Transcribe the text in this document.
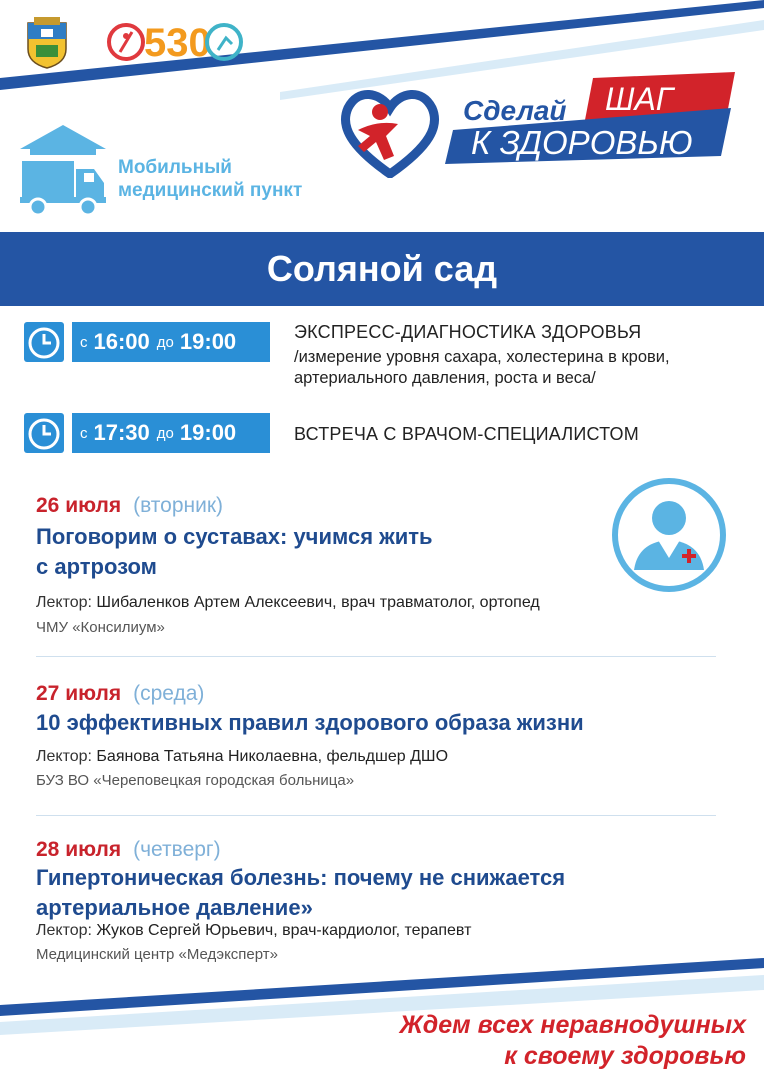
530
Мобильный
медицинский пункт
Сделай ШАГ
К ЗДОРОВЬЮ
Соляной сад
с 16:00 до 19:00	ЭКСПРЕСС-ДИАГНОСТИКА ЗДОРОВЬЯ
/измерение уровня сахара, холестерина в крови,
артериального давления, роста и веса/
с 17:30 до 19:00	ВСТРЕЧА С ВРАЧОМ-СПЕЦИАЛИСТОМ
26 июля (вторник)
Поговорим о суставах: учимся жить
с артрозом
Лектор: Шибаленков Артем Алексеевич, врач травматолог, ортопед
ЧМУ «Консилиум»
27 июля (среда)
10 эффективных правил здорового образа жизни
Лектор: Баянова Татьяна Николаевна, фельдшер ДШО
БУЗ ВО «Череповецкая городская больница»
28 июля (четверг)
Гипертоническая болезнь: почему не снижается
артериальное давление»
Лектор: Жуков Сергей Юрьевич, врач-кардиолог, терапевт
Медицинский центр «Медэксперт»
Ждем всех неравнодушных
к своему здоровью
